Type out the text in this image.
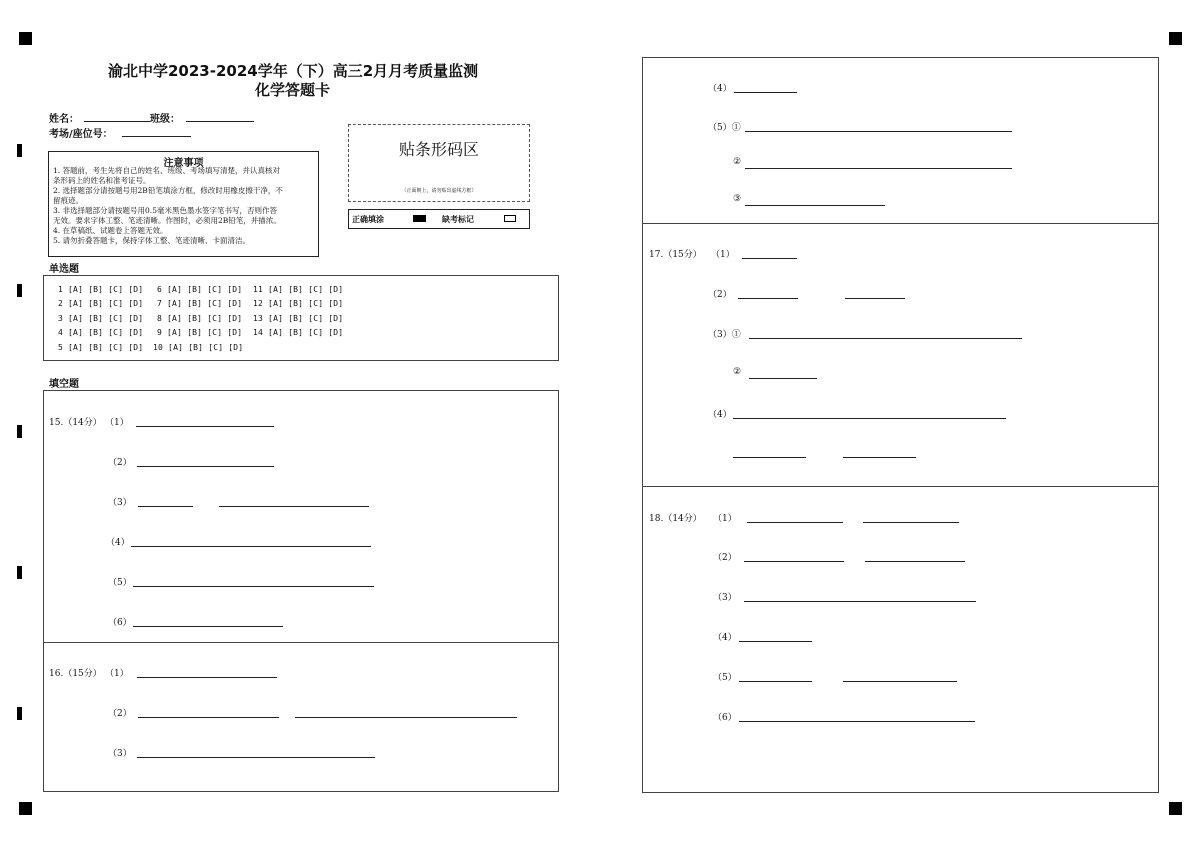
渝北中学2023-2024学年（下）高三2月月考质量监测
化学答题卡
姓名：	班级：
考场/座位号：
贴条形码区
（正面朝上，请勿贴出虚线方框）
正确填涂	缺考标记
注意事项
1. 答题前，考生先将自己的姓名、班级、考场填写清楚，并认真核对
条形码上的姓名和准考证号。
2. 选择题部分请按题号用2B铅笔填涂方框，修改时用橡皮擦干净，不
留痕迹。
3. 非选择题部分请按题号用0.5毫米黑色墨水签字笔书写，否则作答
无效。要求字体工整、笔迹清晰。作图时，必须用2B铅笔，并描浓。
4. 在草稿纸、试题卷上答题无效。
5. 请勿折叠答题卡，保持字体工整、笔迹清晰、卡面清洁。
单选题
1 [A] [B] [C] [D]
2 [A] [B] [C] [D]
3 [A] [B] [C] [D]
4 [A] [B] [C] [D]
5 [A] [B] [C] [D]
6 [A] [B] [C] [D]
7 [A] [B] [C] [D]
8 [A] [B] [C] [D]
9 [A] [B] [C] [D]
10 [A] [B] [C] [D]
11 [A] [B] [C] [D]
12 [A] [B] [C] [D]
13 [A] [B] [C] [D]
14 [A] [B] [C] [D]
填空题
15.（14分） （1）
（2）
（3）
（4）
（5）
（6）
16.（15分） （1）
（2）
（3）
（4）
（5）①
②
③
17.（15分） （1）
（2）
（3）①
②
（4）
18.（14分） （1）
（2）
（3）
（4）
（5）
（6）
